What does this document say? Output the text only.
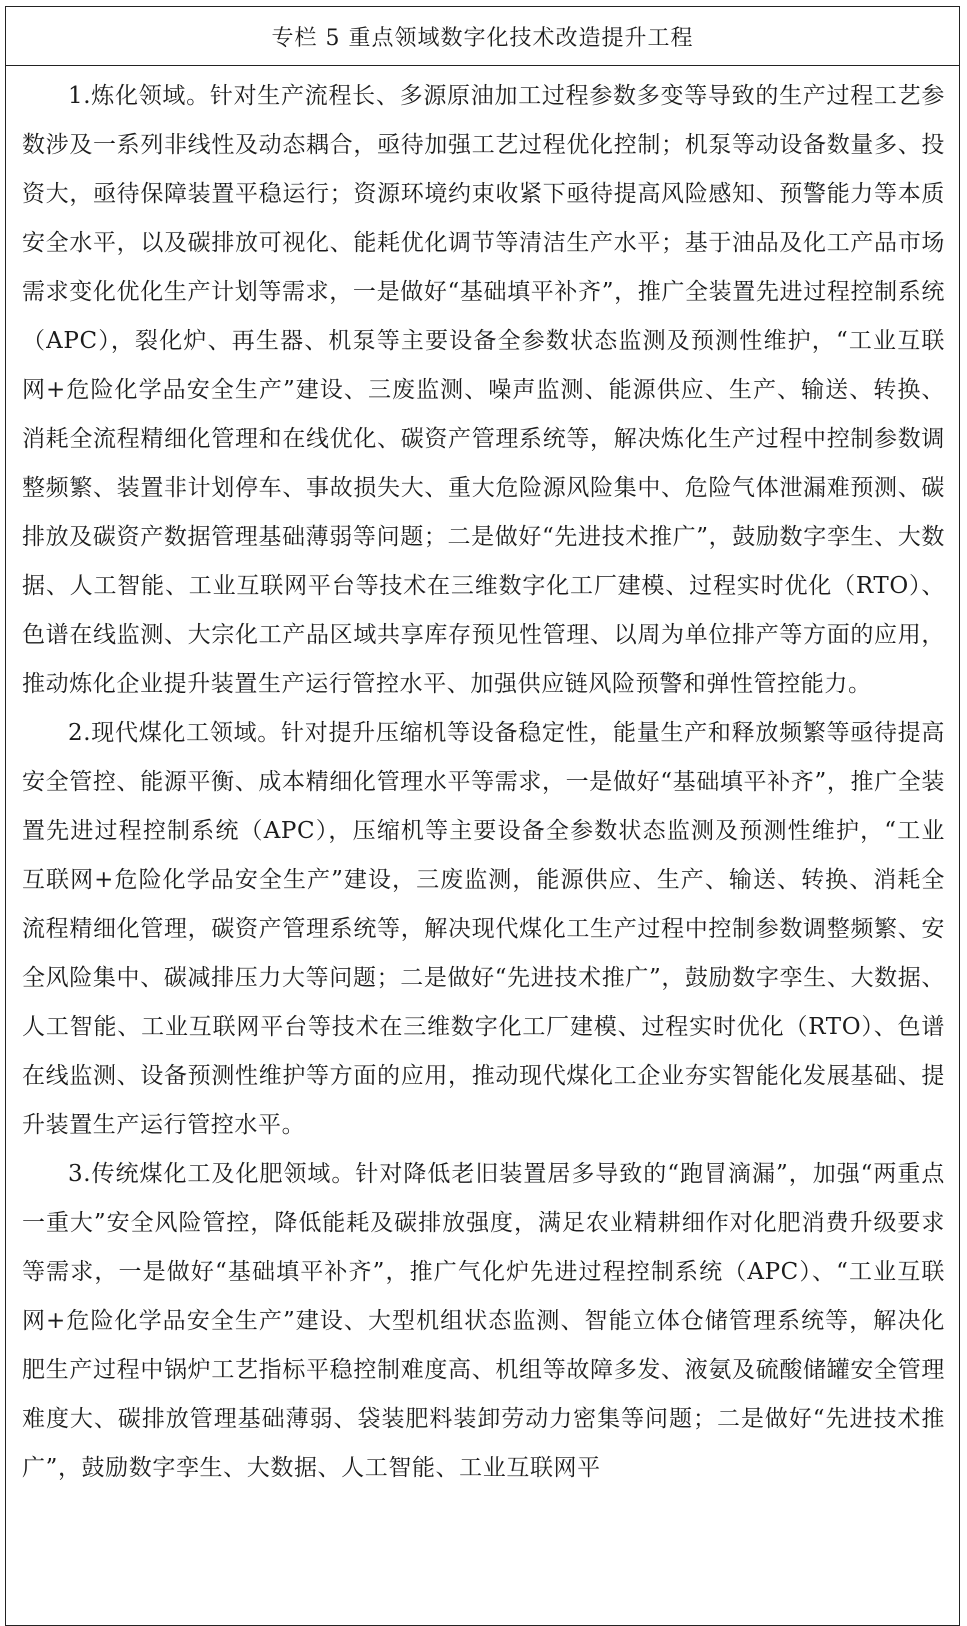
专栏 5 重点领域数字化技术改造提升工程

1.炼化领域。针对生产流程长、多源原油加工过程参数多变等导致的生产过程工艺参数涉及一系列非线性及动态耦合，亟待加强工艺过程优化控制；机泵等动设备数量多、投资大，亟待保障装置平稳运行；资源环境约束收紧下亟待提高风险感知、预警能力等本质安全水平，以及碳排放可视化、能耗优化调节等清洁生产水平；基于油品及化工产品市场需求变化优化生产计划等需求，一是做好“基础填平补齐”，推广全装置先进过程控制系统（APC），裂化炉、再生器、机泵等主要设备全参数状态监测及预测性维护，“工业互联网+危险化学品安全生产”建设、三废监测、噪声监测、能源供应、生产、输送、转换、消耗全流程精细化管理和在线优化、碳资产管理系统等，解决炼化生产过程中控制参数调整频繁、装置非计划停车、事故损失大、重大危险源风险集中、危险气体泄漏难预测、碳排放及碳资产数据管理基础薄弱等问题；二是做好“先进技术推广”，鼓励数字孪生、大数据、人工智能、工业互联网平台等技术在三维数字化工厂建模、过程实时优化（RTO）、色谱在线监测、大宗化工产品区域共享库存预见性管理、以周为单位排产等方面的应用，推动炼化企业提升装置生产运行管控水平、加强供应链风险预警和弹性管控能力。

2.现代煤化工领域。针对提升压缩机等设备稳定性，能量生产和释放频繁等亟待提高安全管控、能源平衡、成本精细化管理水平等需求，一是做好“基础填平补齐”，推广全装置先进过程控制系统（APC），压缩机等主要设备全参数状态监测及预测性维护，“工业互联网+危险化学品安全生产”建设，三废监测，能源供应、生产、输送、转换、消耗全流程精细化管理，碳资产管理系统等，解决现代煤化工生产过程中控制参数调整频繁、安全风险集中、碳减排压力大等问题；二是做好“先进技术推广”，鼓励数字孪生、大数据、人工智能、工业互联网平台等技术在三维数字化工厂建模、过程实时优化（RTO）、色谱在线监测、设备预测性维护等方面的应用，推动现代煤化工企业夯实智能化发展基础、提升装置生产运行管控水平。

3.传统煤化工及化肥领域。针对降低老旧装置居多导致的“跑冒滴漏”，加强“两重点一重大”安全风险管控，降低能耗及碳排放强度，满足农业精耕细作对化肥消费升级要求等需求，一是做好“基础填平补齐”，推广气化炉先进过程控制系统（APC）、“工业互联网+危险化学品安全生产”建设、大型机组状态监测、智能立体仓储管理系统等，解决化肥生产过程中锅炉工艺指标平稳控制难度高、机组等故障多发、液氨及硫酸储罐安全管理难度大、碳排放管理基础薄弱、袋装肥料装卸劳动力密集等问题；二是做好“先进技术推广”，鼓励数字孪生、大数据、人工智能、工业互联网平
